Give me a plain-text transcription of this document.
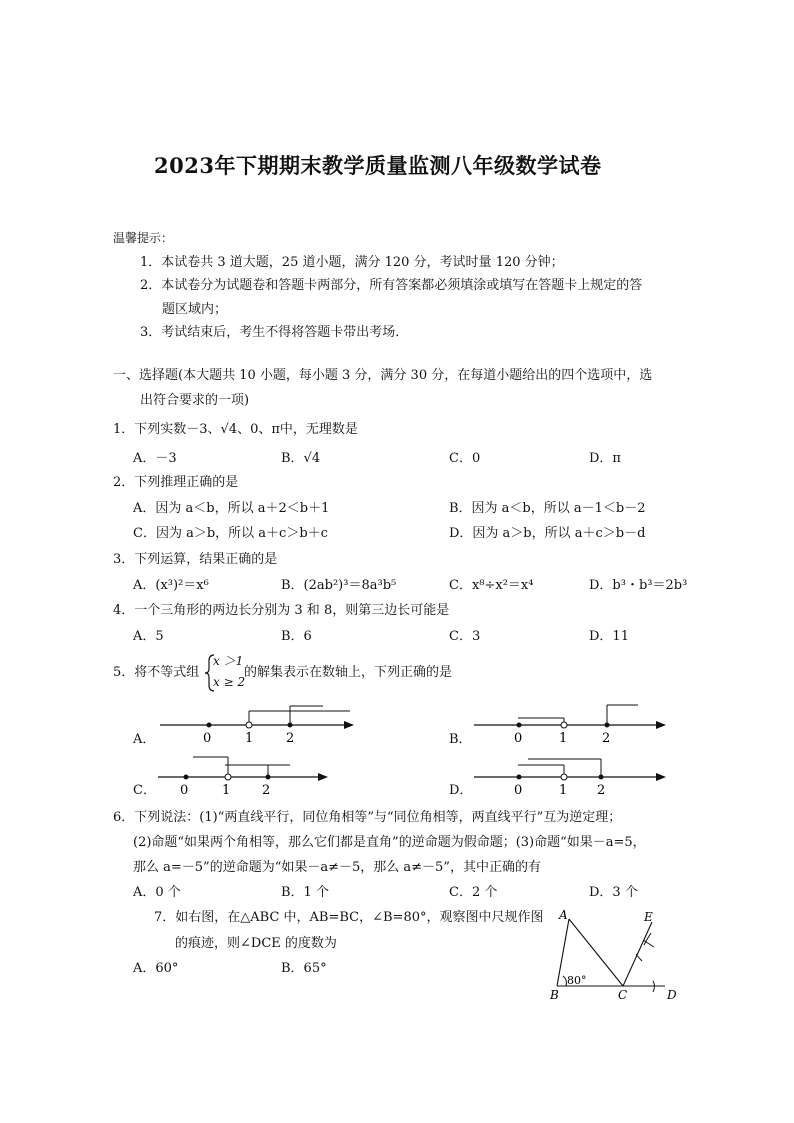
2023年下期期末教学质量监测八年级数学试卷
温馨提示：
1．本试卷共 3 道大题，25 道小题，满分 120 分，考试时量 120 分钟；
2．本试卷分为试题卷和答题卡两部分，所有答案都必须填涂或填写在答题卡上规定的答
题区域内；
3．考试结束后，考生不得将答题卡带出考场．
一、选择题(本大题共 10 小题，每小题 3 分，满分 30 分，在每道小题给出的四个选项中，选
出符合要求的一项)
1．下列实数－3、√4、0、π中，无理数是
A．－3	B．√4	C．0	D．π
2．下列推理正确的是
A．因为 a＜b，所以 a＋2＜b＋1	B．因为 a＜b，所以 a－1＜b－2
C．因为 a＞b，所以 a＋c＞b＋c	D．因为 a＞b，所以 a＋c＞b－d
3．下列运算，结果正确的是
A．(x³)²＝x⁶	B．(2ab²)³＝8a³b⁵	C．x⁸÷x²＝x⁴	D．b³・b³＝2b³
4．一个三角形的两边长分别为 3 和 8，则第三边长可能是
A．5	B．6	C．3	D．11
5．将不等式组
x ＞1
x ≥ 2
的解集表示在数轴上，下列正确的是
A．	B．
C．	D．
0	1	2	0	1	2
0	1 2	0	1 2
6．下列说法：(1)“两直线平行，同位角相等”与“同位角相等，两直线平行”互为逆定理；
(2)命题“如果两个角相等，那么它们都是直角”的逆命题为假命题；(3)命题“如果－a=5，
那么 a=－5”的逆命题为“如果－a≠－5，那么 a≠－5”，其中正确的有
A．0 个	B．1 个	C．2 个	D．3 个
7．如右图，在△ABC 中，AB=BC，∠B=80°，观察图中尺规作图
的痕迹，则∠DCE 的度数为
A．60°	B．65°
A
B	C	D
E
80°
